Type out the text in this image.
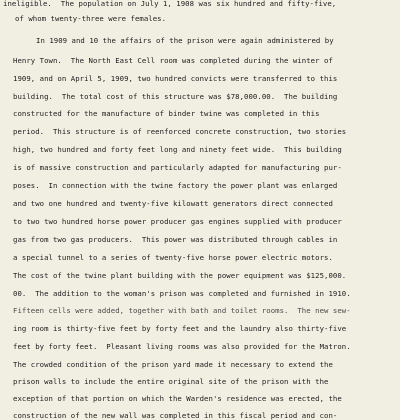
ineligible.  The population on July 1, 1908 was six hundred and fifty-five,
of whom twenty-three were females.
In 1909 and 10 the affairs of the prison were again administered by
Henry Town.  The North East Cell room was completed during the winter of
1909, and on April 5, 1909, two hundred convicts were transferred to this
building.  The total cost of this structure was $78,000.00.  The building
constructed for the manufacture of binder twine was completed in this
period.  This structure is of reenforced concrete construction, two stories
high, two hundred and forty feet long and ninety feet wide.  This building
is of massive construction and particularly adapted for manufacturing pur-
poses.  In connection with the twine factory the power plant was enlarged
and two one hundred and twenty-five kilowatt generators direct connected
to two two hundred horse power producer gas engines supplied with producer
gas from two gas producers.  This power was distributed through cables in
a special tunnel to a series of twenty-five horse power electric motors.
The cost of the twine plant building with the power equipment was $125,000.
00.  The addition to the woman's prison was completed and furnished in 1910.
Fifteen cells were added, together with bath and toilet rooms.  The new sew-
ing room is thirty-five feet by forty feet and the laundry also thirty-five
feet by forty feet.  Pleasant living rooms was also provided for the Matron.
The crowded condition of the prison yard made it necessary to extend the
prison walls to include the entire original site of the prison with the
exception of that portion on which the Warden's residence was erected, the
construction of the new wall was completed in this fiscal period and con-
